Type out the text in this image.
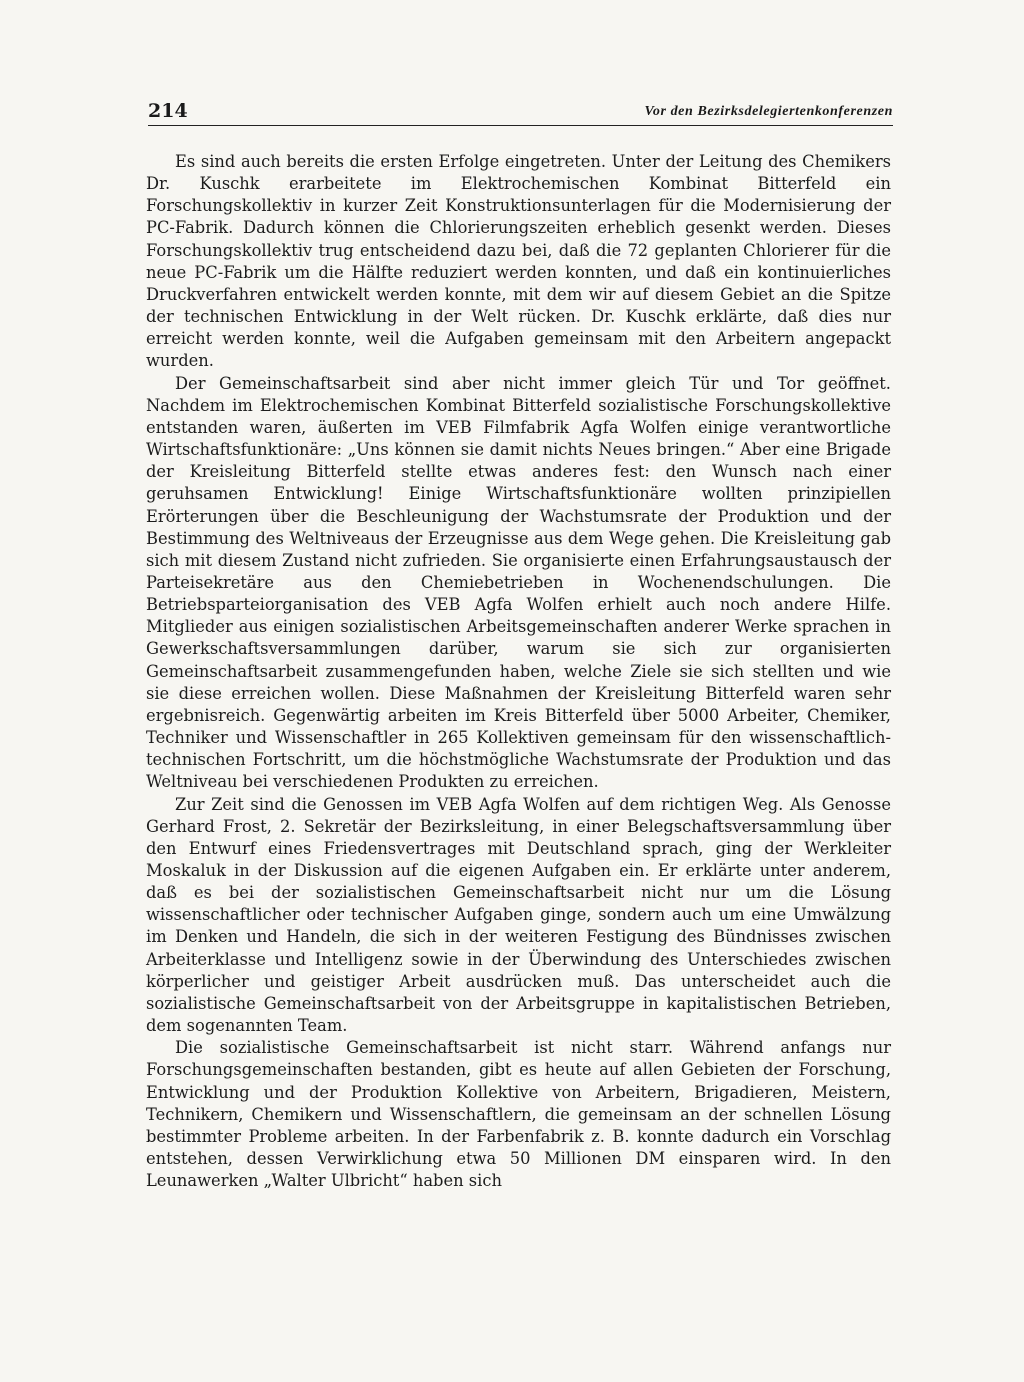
214	Vor den Bezirksdelegiertenkonferenzen

Es sind auch bereits die ersten Erfolge eingetreten. Unter der Leitung des Chemikers Dr. Kuschk erarbeitete im Elektrochemischen Kombinat Bitterfeld ein Forschungskollektiv in kurzer Zeit Konstruktionsunterlagen für die Modernisierung der PC-Fabrik. Dadurch können die Chlorierungszeiten erheblich gesenkt werden. Dieses Forschungskollektiv trug entscheidend dazu bei, daß die 72 geplanten Chlorierer für die neue PC-Fabrik um die Hälfte reduziert werden konnten, und daß ein kontinuierliches Druckverfahren entwickelt werden konnte, mit dem wir auf diesem Gebiet an die Spitze der technischen Entwicklung in der Welt rücken. Dr. Kuschk erklärte, daß dies nur erreicht werden konnte, weil die Aufgaben gemeinsam mit den Arbeitern angepackt wurden.

Der Gemeinschaftsarbeit sind aber nicht immer gleich Tür und Tor geöffnet. Nachdem im Elektrochemischen Kombinat Bitterfeld sozialistische Forschungskollektive entstanden waren, äußerten im VEB Filmfabrik Agfa Wolfen einige verantwortliche Wirtschaftsfunktionäre: „Uns können sie damit nichts Neues bringen.“ Aber eine Brigade der Kreisleitung Bitterfeld stellte etwas anderes fest: den Wunsch nach einer geruhsamen Entwicklung! Einige Wirtschaftsfunktionäre wollten prinzipiellen Erörterungen über die Beschleunigung der Wachstumsrate der Produktion und der Bestimmung des Weltniveaus der Erzeugnisse aus dem Wege gehen. Die Kreisleitung gab sich mit diesem Zustand nicht zufrieden. Sie organisierte einen Erfahrungsaustausch der Parteisekretäre aus den Chemiebetrieben in Wochenendschulungen. Die Betriebsparteiorganisation des VEB Agfa Wolfen erhielt auch noch andere Hilfe. Mitglieder aus einigen sozialistischen Arbeitsgemeinschaften anderer Werke sprachen in Gewerkschaftsversammlungen darüber, warum sie sich zur organisierten Gemeinschaftsarbeit zusammengefunden haben, welche Ziele sie sich stellten und wie sie diese erreichen wollen. Diese Maßnahmen der Kreisleitung Bitterfeld waren sehr ergebnisreich. Gegenwärtig arbeiten im Kreis Bitterfeld über 5000 Arbeiter, Chemiker, Techniker und Wissenschaftler in 265 Kollektiven gemeinsam für den wissenschaftlich-technischen Fortschritt, um die höchstmögliche Wachstumsrate der Produktion und das Weltniveau bei verschiedenen Produkten zu erreichen.

Zur Zeit sind die Genossen im VEB Agfa Wolfen auf dem richtigen Weg. Als Genosse Gerhard Frost, 2. Sekretär der Bezirksleitung, in einer Belegschaftsversammlung über den Entwurf eines Friedensvertrages mit Deutschland sprach, ging der Werkleiter Moskaluk in der Diskussion auf die eigenen Aufgaben ein. Er erklärte unter anderem, daß es bei der sozialistischen Gemeinschaftsarbeit nicht nur um die Lösung wissenschaftlicher oder technischer Aufgaben ginge, sondern auch um eine Umwälzung im Denken und Handeln, die sich in der weiteren Festigung des Bündnisses zwischen Arbeiterklasse und Intelligenz sowie in der Überwindung des Unterschiedes zwischen körperlicher und geistiger Arbeit ausdrücken muß. Das unterscheidet auch die sozialistische Gemeinschaftsarbeit von der Arbeitsgruppe in kapitalistischen Betrieben, dem sogenannten Team.

Die sozialistische Gemeinschaftsarbeit ist nicht starr. Während anfangs nur Forschungsgemeinschaften bestanden, gibt es heute auf allen Gebieten der Forschung, Entwicklung und der Produktion Kollektive von Arbeitern, Brigadieren, Meistern, Technikern, Chemikern und Wissenschaftlern, die gemeinsam an der schnellen Lösung bestimmter Probleme arbeiten. In der Farbenfabrik z. B. konnte dadurch ein Vorschlag entstehen, dessen Verwirklichung etwa 50 Millionen DM einsparen wird. In den Leunawerken „Walter Ulbricht“ haben sich
